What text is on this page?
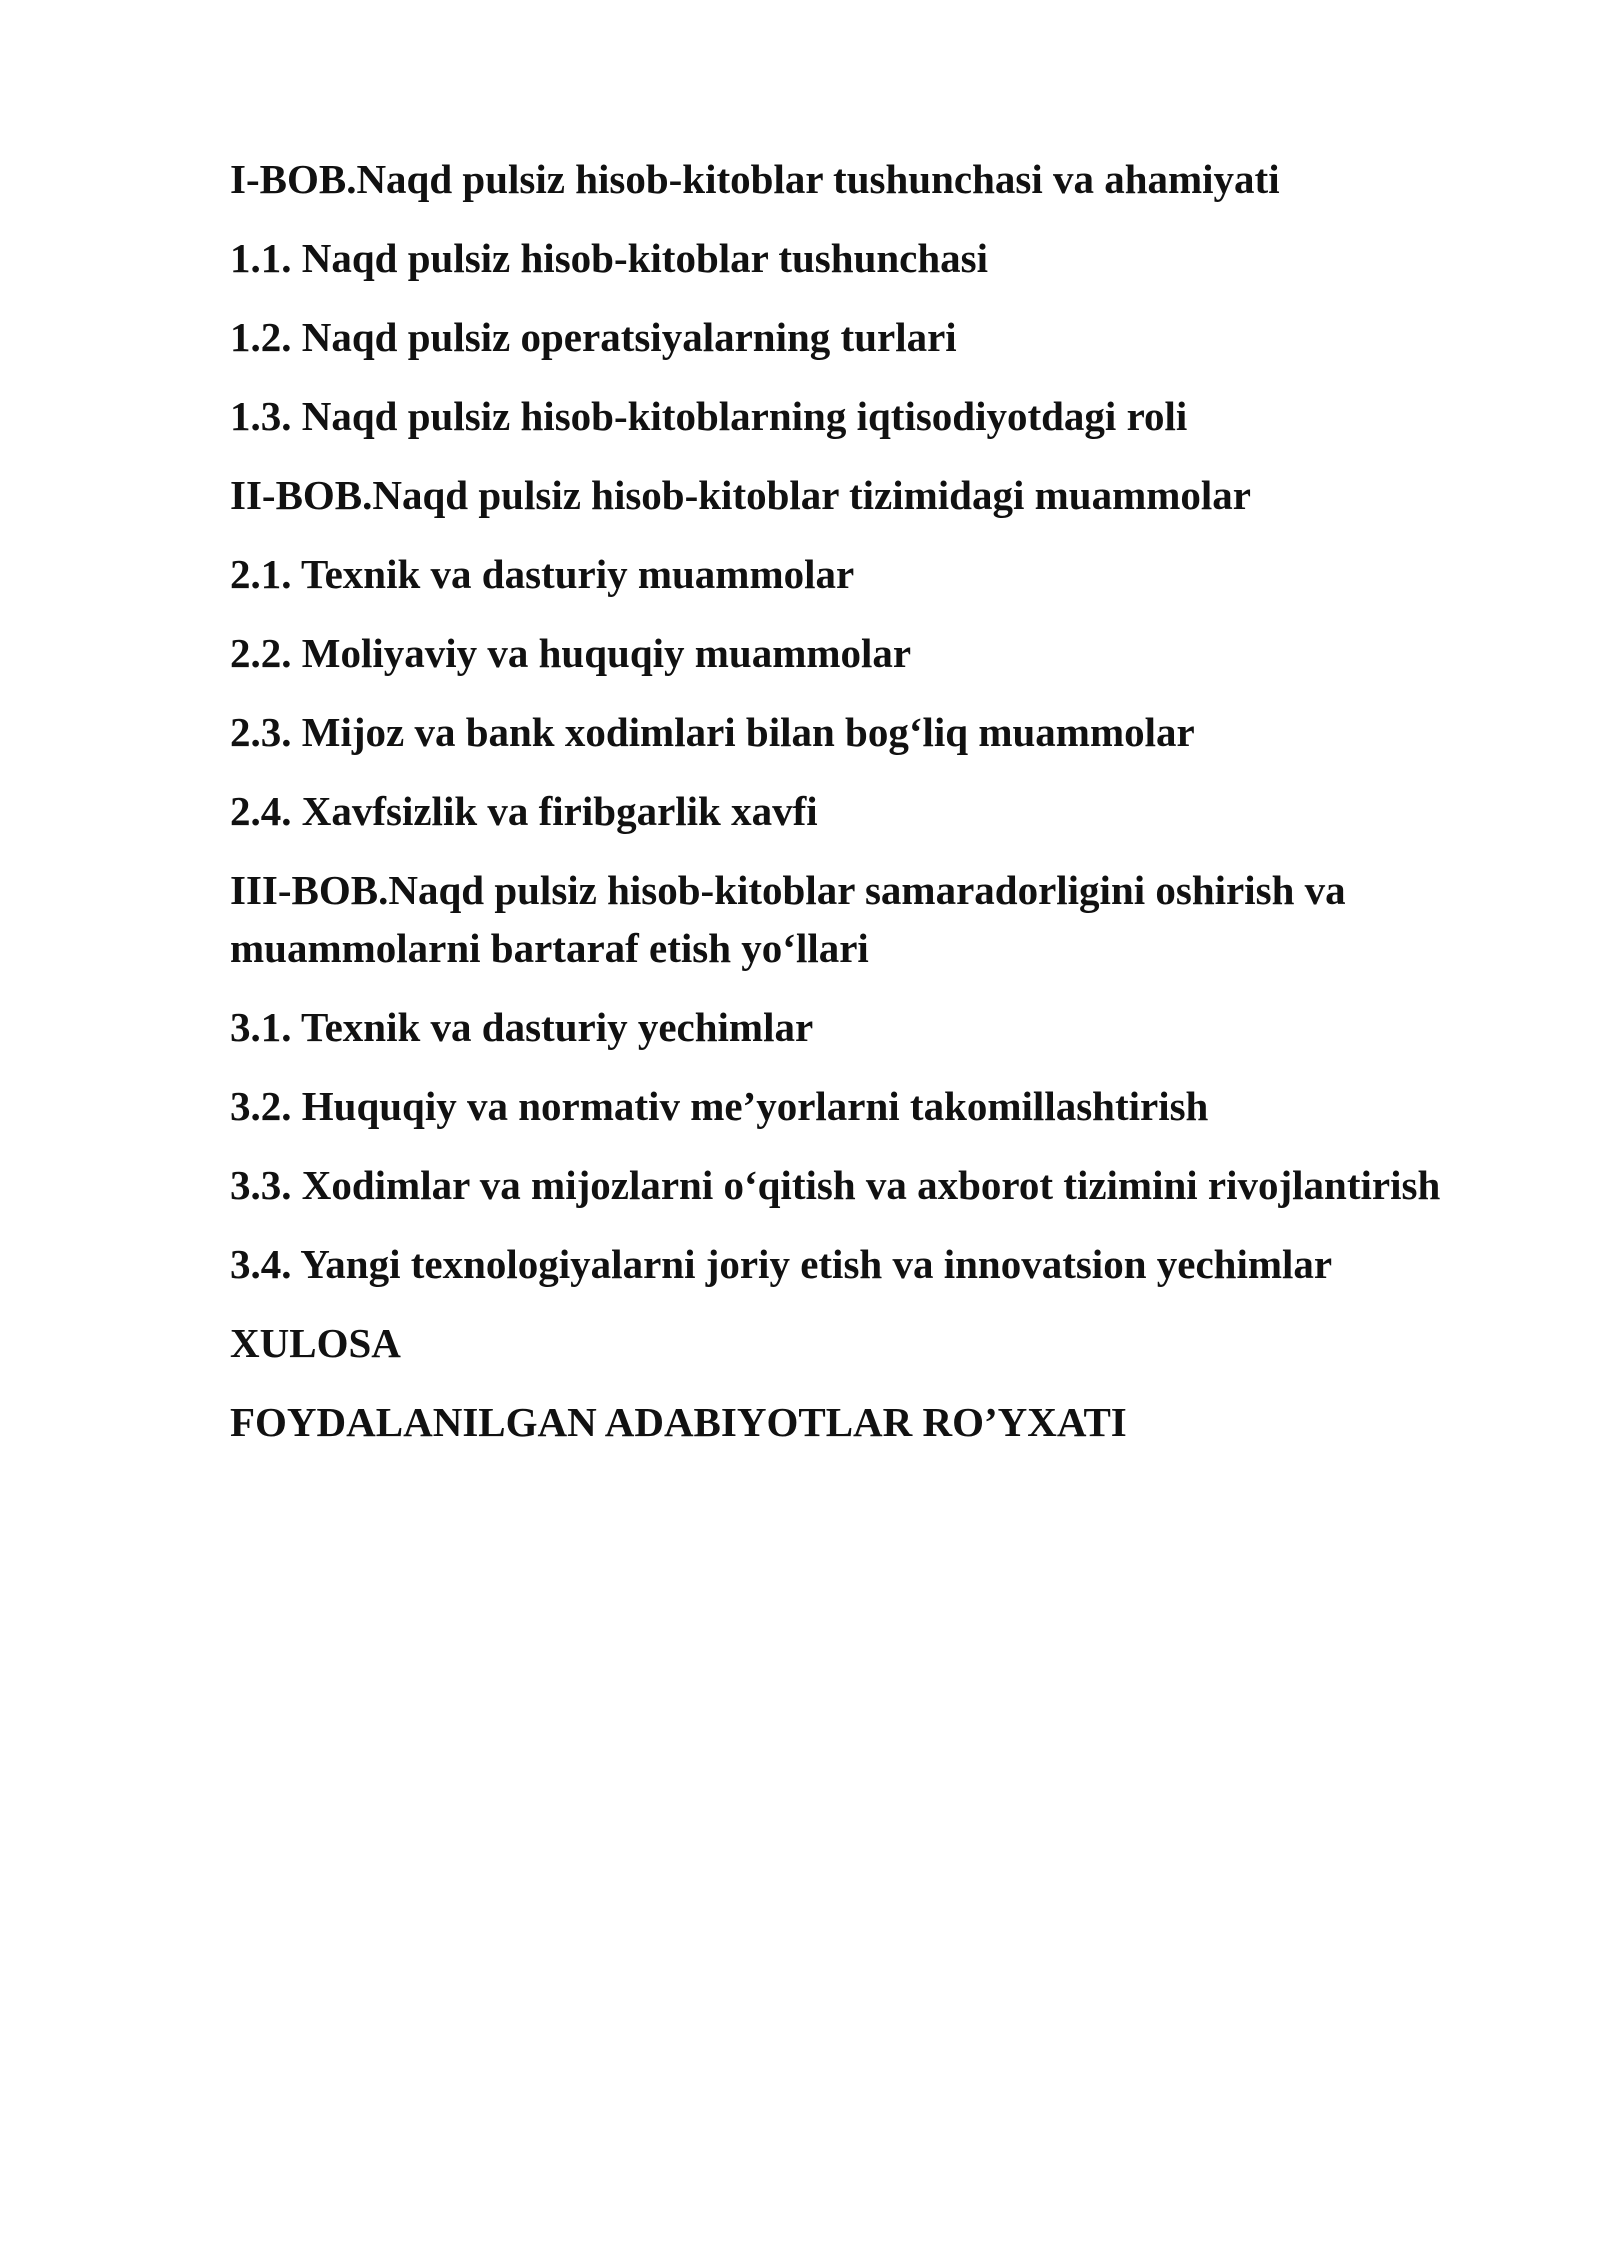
I-BOB.Naqd pulsiz hisob-kitoblar tushunchasi va ahamiyati
1.1. Naqd pulsiz hisob-kitoblar tushunchasi
1.2. Naqd pulsiz operatsiyalarning turlari
1.3. Naqd pulsiz hisob-kitoblarning iqtisodiyotdagi roli
II-BOB.Naqd pulsiz hisob-kitoblar tizimidagi muammolar
2.1. Texnik va dasturiy muammolar
2.2. Moliyaviy va huquqiy muammolar
2.3. Mijoz va bank xodimlari bilan bog‘liq muammolar
2.4. Xavfsizlik va firibgarlik xavfi
III-BOB.Naqd pulsiz hisob-kitoblar samaradorligini oshirish va muammolarni bartaraf etish yo‘llari
3.1. Texnik va dasturiy yechimlar
3.2. Huquqiy va normativ me’yorlarni takomillashtirish
3.3. Xodimlar va mijozlarni o‘qitish va axborot tizimini rivojlantirish
3.4. Yangi texnologiyalarni joriy etish va innovatsion yechimlar
XULOSA
FOYDALANILGAN ADABIYOTLAR RO’YXATI
